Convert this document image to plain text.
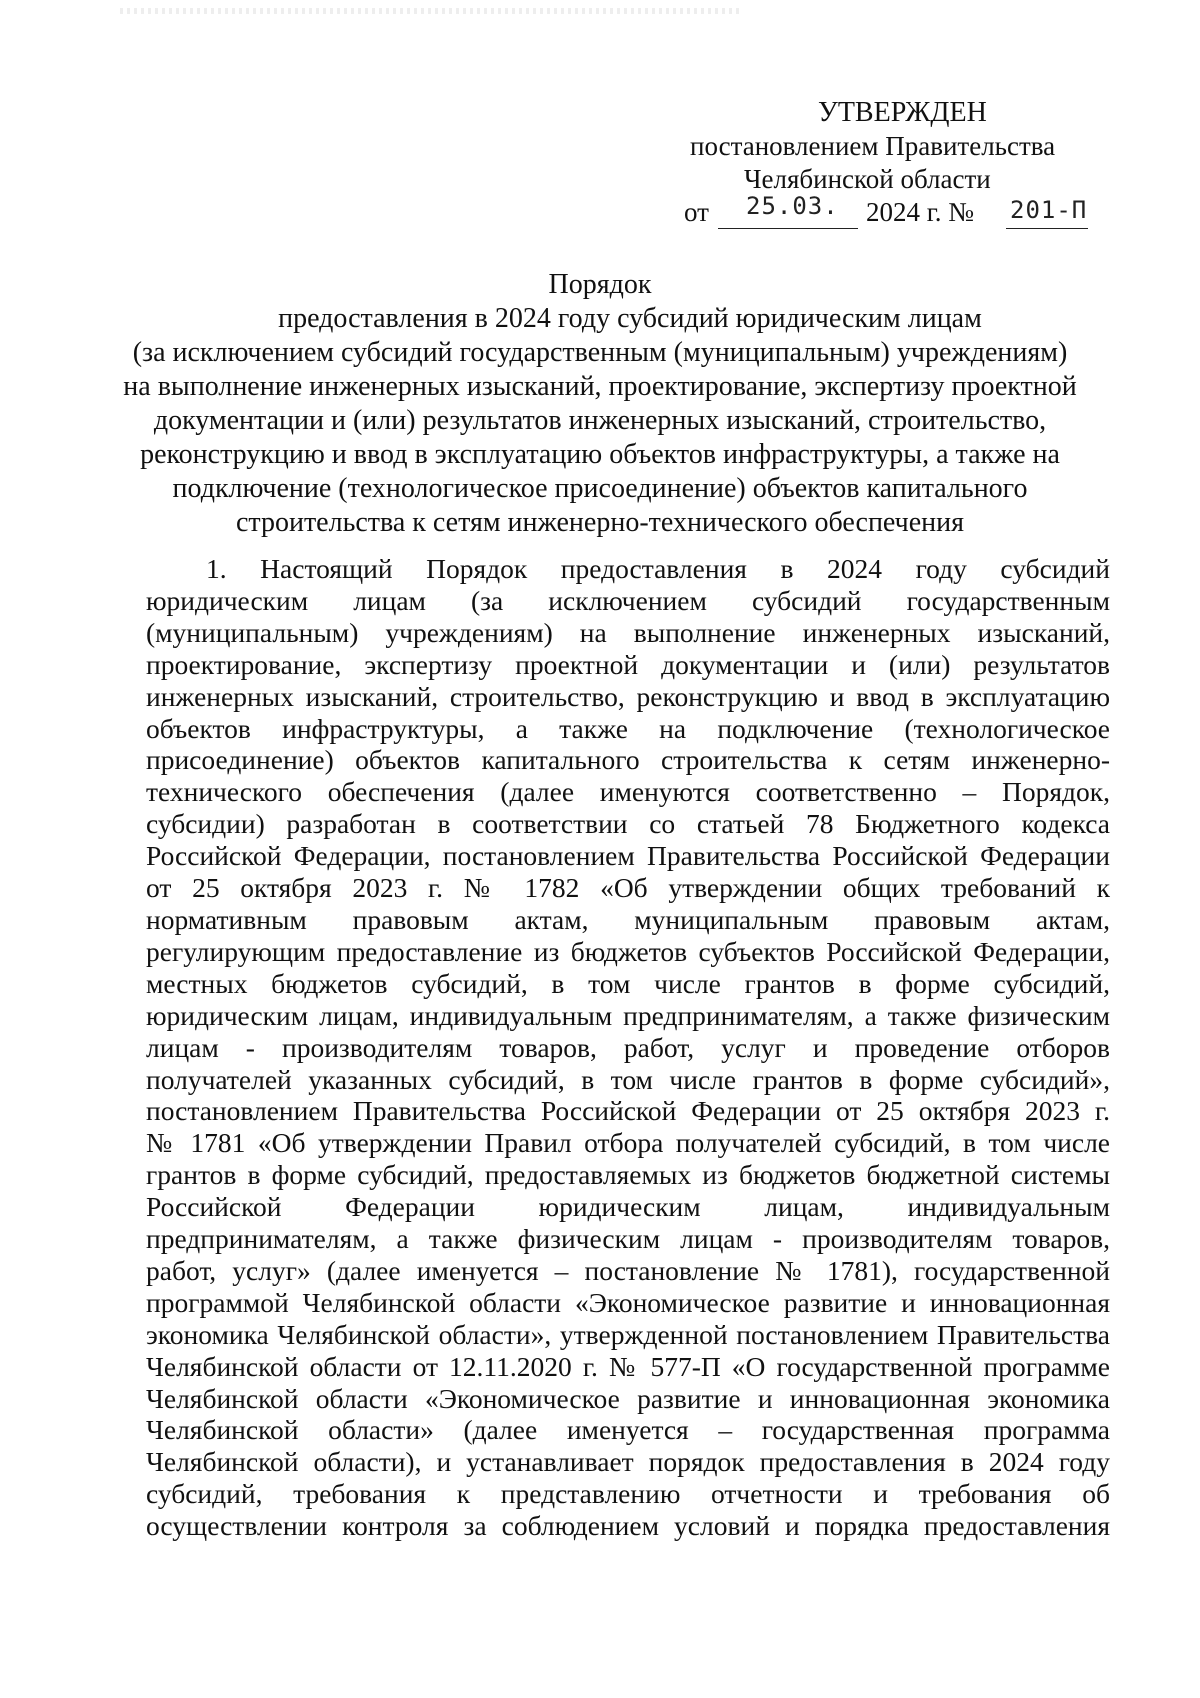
УТВЕРЖДЕН
постановлением Правительства
Челябинской области
от 25.03. 2024 г. № 201-П
Порядок
предоставления в 2024 году субсидий юридическим лицам
(за исключением субсидий государственным (муниципальным) учреждениям)
на выполнение инженерных изысканий, проектирование, экспертизу проектной
документации и (или) результатов инженерных изысканий, строительство,
реконструкцию и ввод в эксплуатацию объектов инфраструктуры, а также на
подключение (технологическое присоединение) объектов капитального
строительства к сетям инженерно-технического обеспечения
1. Настоящий Порядок предоставления в 2024 году субсидий
юридическим лицам (за исключением субсидий государственным
(муниципальным) учреждениям) на выполнение инженерных изысканий,
проектирование, экспертизу проектной документации и (или) результатов
инженерных изысканий, строительство, реконструкцию и ввод в эксплуатацию
объектов инфраструктуры, а также на подключение (технологическое
присоединение) объектов капитального строительства к сетям инженерно-
технического обеспечения (далее именуются соответственно – Порядок,
субсидии) разработан в соответствии со статьей 78 Бюджетного кодекса
Российской Федерации, постановлением Правительства Российской Федерации
от 25 октября 2023 г. № 1782 «Об утверждении общих требований к
нормативным правовым актам, муниципальным правовым актам,
регулирующим предоставление из бюджетов субъектов Российской Федерации,
местных бюджетов субсидий, в том числе грантов в форме субсидий,
юридическим лицам, индивидуальным предпринимателям, а также физическим
лицам - производителям товаров, работ, услуг и проведение отборов
получателей указанных субсидий, в том числе грантов в форме субсидий»,
постановлением Правительства Российской Федерации от 25 октября 2023 г.
№ 1781 «Об утверждении Правил отбора получателей субсидий, в том числе
грантов в форме субсидий, предоставляемых из бюджетов бюджетной системы
Российской Федерации юридическим лицам, индивидуальным
предпринимателям, а также физическим лицам - производителям товаров,
работ, услуг» (далее именуется – постановление № 1781), государственной
программой Челябинской области «Экономическое развитие и инновационная
экономика Челябинской области», утвержденной постановлением Правительства
Челябинской области от 12.11.2020 г. № 577-П «О государственной программе
Челябинской области «Экономическое развитие и инновационная экономика
Челябинской области» (далее именуется – государственная программа
Челябинской области), и устанавливает порядок предоставления в 2024 году
субсидий, требования к представлению отчетности и требования об
осуществлении контроля за соблюдением условий и порядка предоставления
